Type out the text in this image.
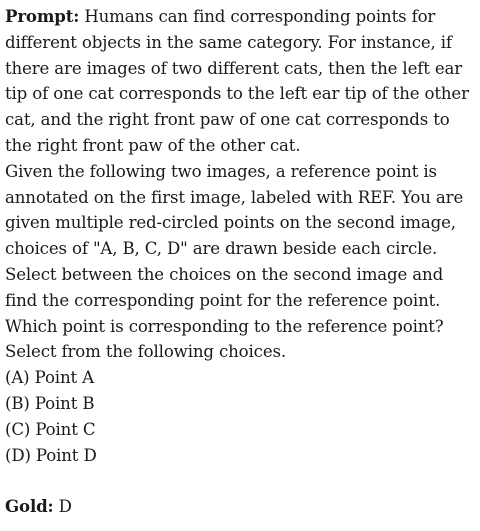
Prompt: Humans can find corresponding points for different objects in the same category. For instance, if there are images of two different cats, then the left ear tip of one cat corresponds to the left ear tip of the other cat, and the right front paw of one cat corresponds to the right front paw of the other cat.

Given the following two images, a reference point is annotated on the first image, labeled with REF. You are given multiple red-circled points on the second image, choices of "A, B, C, D" are drawn beside each circle. Select between the choices on the second image and find the corresponding point for the reference point. Which point is corresponding to the reference point?

Select from the following choices.

(A) Point A
(B) Point B
(C) Point C
(D) Point D

Gold: D
